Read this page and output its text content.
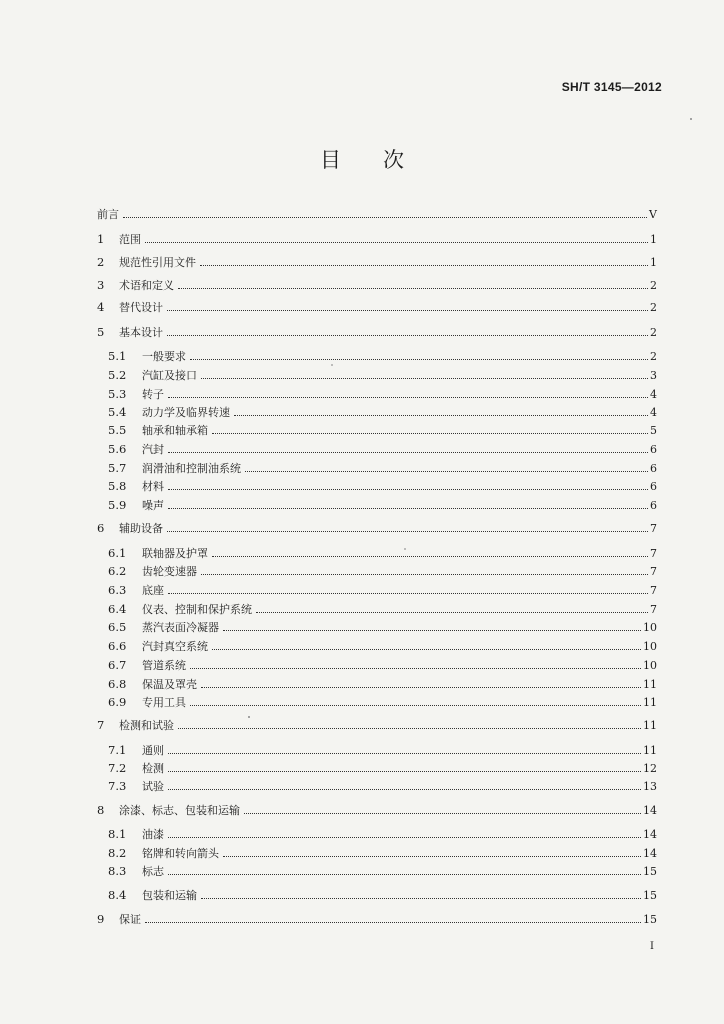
SH/T 3145—2012
目次
前言	V
1	范围	1
2	规范性引用文件	1
3	术语和定义	2
4	替代设计	2
5	基本设计	2
5.1	一般要求	2
5.2	汽缸及接口	3
5.3	转子	4
5.4	动力学及临界转速	4
5.5	轴承和轴承箱	5
5.6	汽封	6
5.7	润滑油和控制油系统	6
5.8	材料	6
5.9	噪声	6
6	辅助设备	7
6.1	联轴器及护罩	7
6.2	齿轮变速器	7
6.3	底座	7
6.4	仪表、控制和保护系统	7
6.5	蒸汽表面冷凝器	10
6.6	汽封真空系统	10
6.7	管道系统	10
6.8	保温及罩壳	11
6.9	专用工具	11
7	检测和试验	11
7.1	通则	11
7.2	检测	12
7.3	试验	13
8	涂漆、标志、包装和运输	14
8.1	油漆	14
8.2	铭牌和转向箭头	14
8.3	标志	15
8.4	包装和运输	15
9	保证	15
I
